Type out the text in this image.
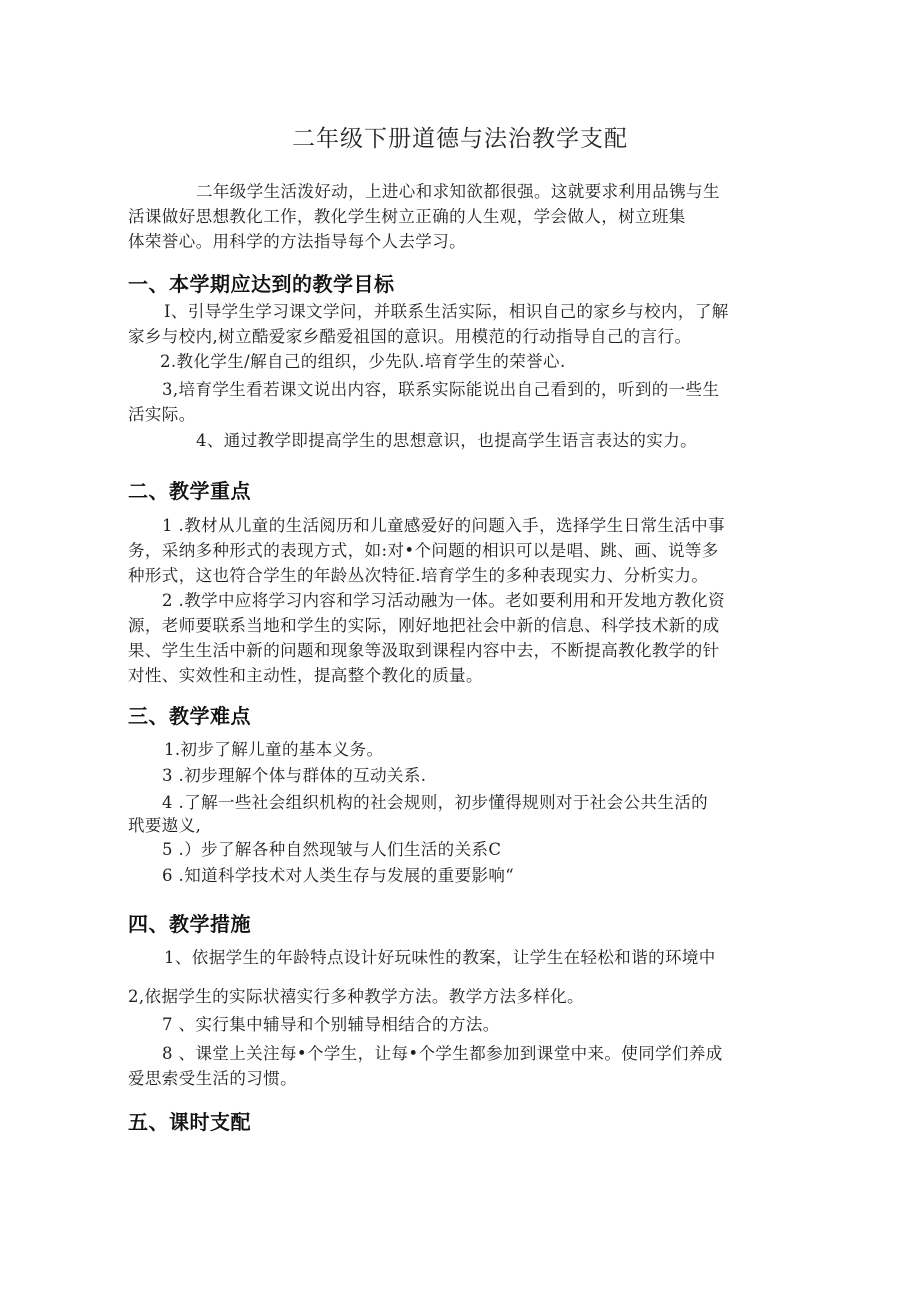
二年级下册道德与法治教学支配
二年级学生活泼好动，上进心和求知欲都很强。这就要求利用品镌与生
活课做好思想教化工作，教化学生树立正确的人生观，学会做人，树立班集
体荣誉心。用科学的方法指导每个人去学习。
一、本学期应达到的教学目标
I、引导学生学习课文学问，并联系生活实际，相识自己的家乡与校内，了解
家乡与校内,树立酷爱家乡酷爱祖国的意识。用模范的行动指导自己的言行。
2.教化学生/解自己的组织，少先队.培育学生的荣誉心.
3,培育学生看若课文说出内容，联系实际能说出自己看到的，听到的一些生
活实际。
4、通过教学即提高学生的思想意识，也提高学生语言表达的实力。
二、教学重点
1 .教材从儿童的生活阅历和儿童感爱好的问题入手，选择学生日常生活中事
务，采纳多种形式的表现方式，如:对•个问题的相识可以是唱、跳、画、说等多
种形式，这也符合学生的年龄丛次特征.培育学生的多种表现实力、分析实力。
2 .教学中应将学习内容和学习活动融为一体。老如要利用和开发地方教化资
源，老师要联系当地和学生的实际，刚好地把社会中新的信息、科学技术新的成
果、学生生活中新的问题和现象等汲取到课程内容中去，不断提高教化教学的针
对性、实效性和主动性，提高整个教化的质量。
三、教学难点
1.初步了解儿童的基本义务。
3 .初步理解个体与群体的互动关系.
4 .了解一些社会组织机构的社会规则，初步懂得规则对于社会公共生活的
玳要遨义,
5 .）步了解各种自然现皱与人们生活的关系C
6 .知道科学技术对人类生存与发展的重要影响“
四、教学措施
1、依据学生的年龄特点设计好玩味性的教案，让学生在轻松和谐的环境中
2,依据学生的实际状禧实行多种教学方法。教学方法多样化。
7 、实行集中辅导和个别辅导相结合的方法。
8 、课堂上关注每•个学生，让每•个学生都参加到课堂中来。使同学们养成
爱思索受生活的习惯。
五、课时支配
